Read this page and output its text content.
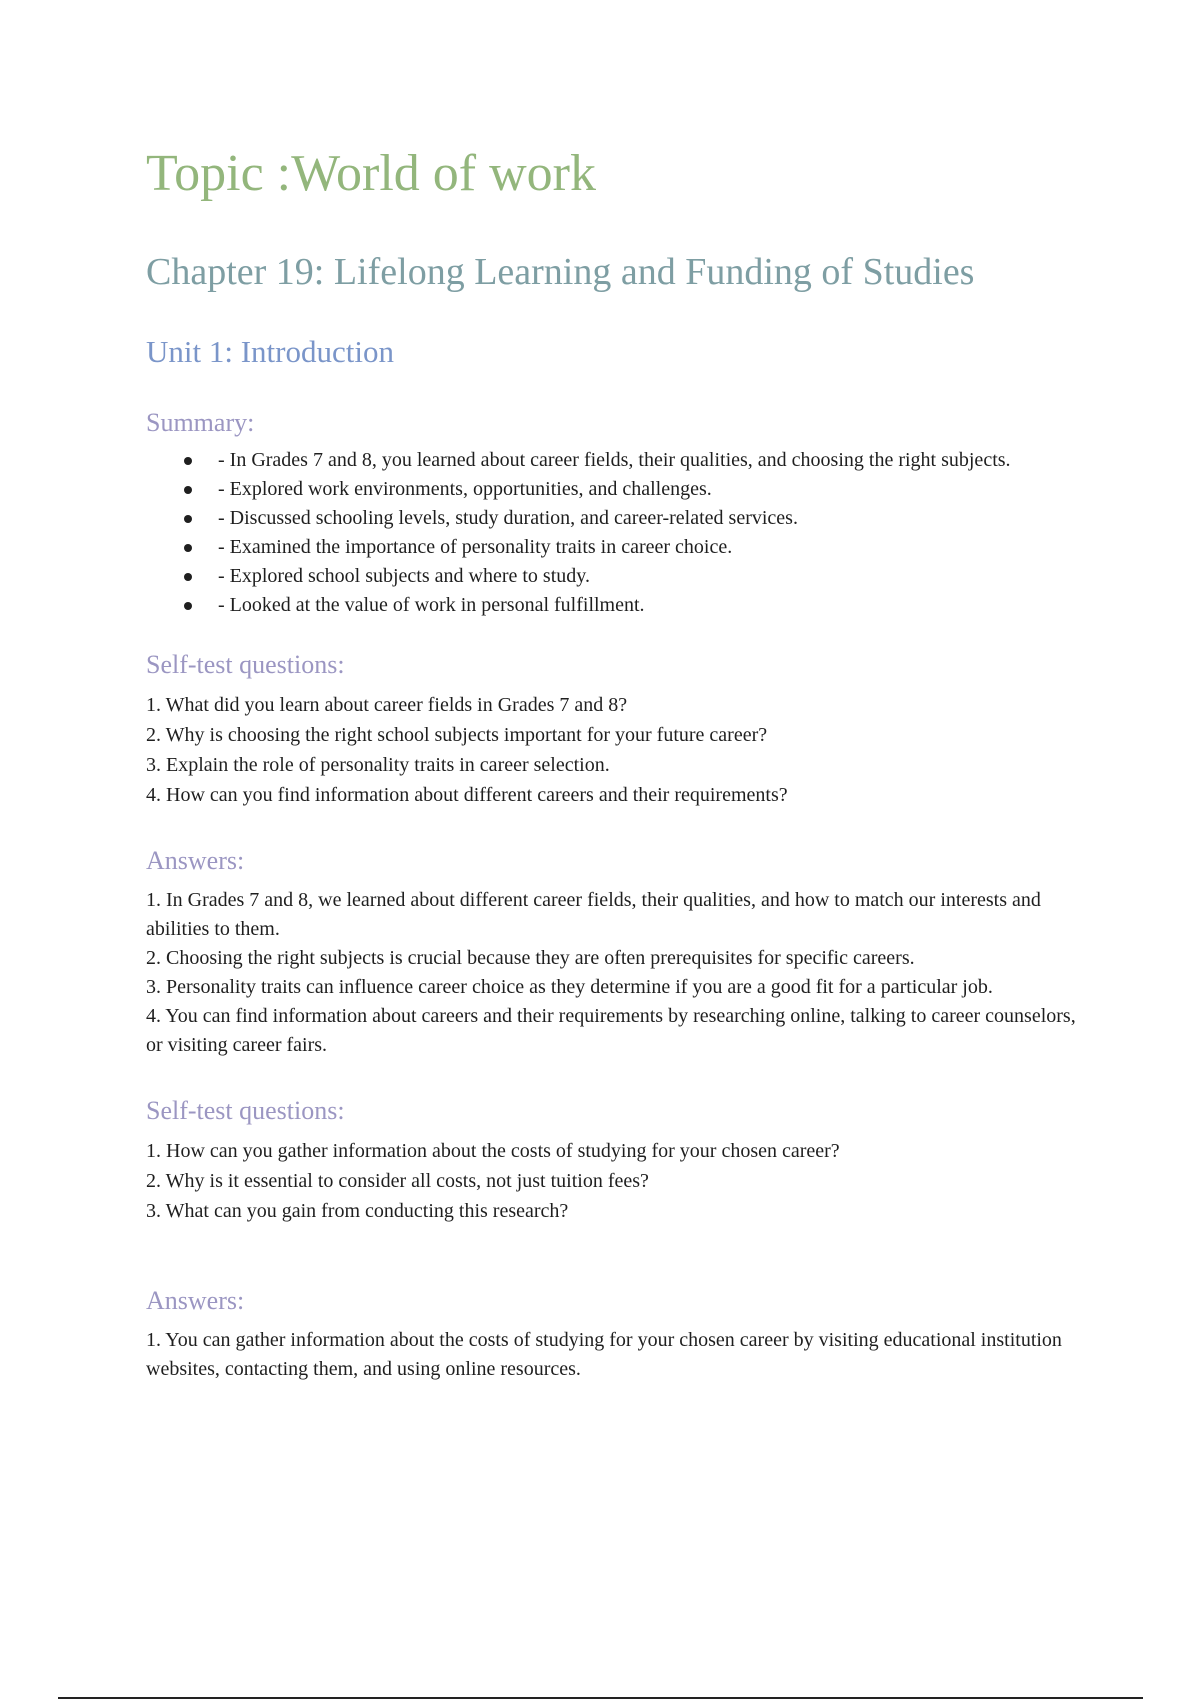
Topic :World of work
Chapter 19: Lifelong Learning and Funding of Studies
Unit 1: Introduction
Summary:
- In Grades 7 and 8, you learned about career fields, their qualities, and choosing the right subjects.
- Explored work environments, opportunities, and challenges.
- Discussed schooling levels, study duration, and career-related services.
- Examined the importance of personality traits in career choice.
- Explored school subjects and where to study.
- Looked at the value of work in personal fulfillment.
Self-test questions:
1. What did you learn about career fields in Grades 7 and 8?
2. Why is choosing the right school subjects important for your future career?
3. Explain the role of personality traits in career selection.
4. How can you find information about different careers and their requirements?
Answers:

1. In Grades 7 and 8, we learned about different career fields, their qualities, and how to match our interests and abilities to them.

2. Choosing the right subjects is crucial because they are often prerequisites for specific careers.

3. Personality traits can influence career choice as they determine if you are a good fit for a particular job.

4. You can find information about careers and their requirements by researching online, talking to career counselors, or visiting career fairs.

Self-test questions:
1. How can you gather information about the costs of studying for your chosen career?
2. Why is it essential to consider all costs, not just tuition fees?
3. What can you gain from conducting this research?
Answers:

1. You can gather information about the costs of studying for your chosen career by visiting educational institution websites, contacting them, and using online resources.
